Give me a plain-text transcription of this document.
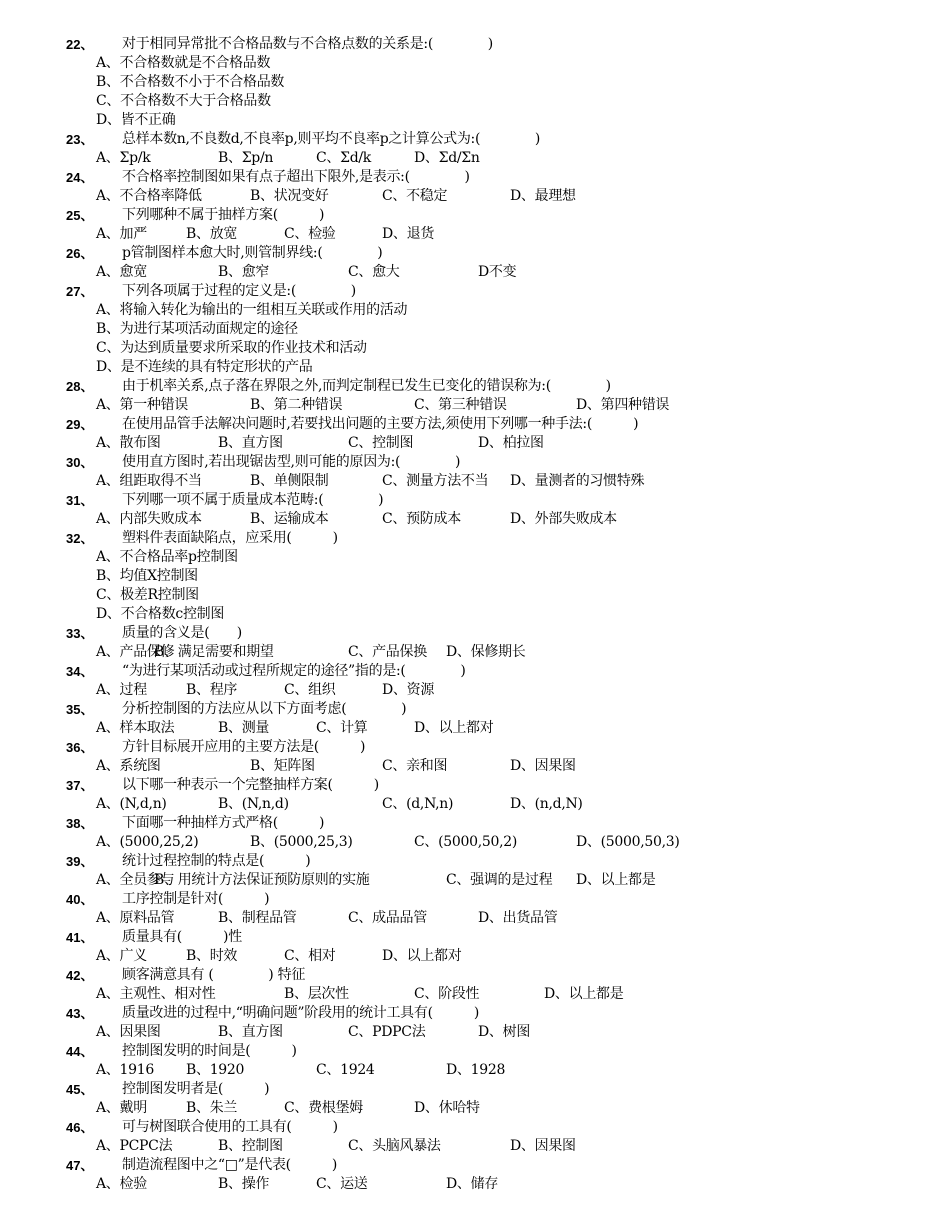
22、 对于相同异常批不合格品数与不合格点数的关系是:(　　　　)
A、不合格数就是不合格品数
B、不合格数不小于不合格品数
C、不合格数不大于合格品数
D、皆不正确
23、 总样本数n,不良数d,不良率p,则平均不良率p之计算公式为:(　　　　)
A、Σp/k	B、Σp/n	C、Σd/k	D、Σd/Σn
24、 不合格率控制图如果有点子超出下限外,是表示:(　　　　)
A、不合格率降低	B、状况变好	C、不稳定	D、最理想
25、 下列哪种不属于抽样方案(　　　)
A、加严	B、放宽	C、检验	D、退货
26、 p管制图样本愈大时,则管制界线:(　　　　)
A、愈宽	B、愈窄	C、愈大	D不变
27、 下列各项属于过程的定义是:(　　　　)
A、将输入转化为输出的一组相互关联或作用的活动
B、为进行某项活动面规定的途径
C、为达到质量要求所采取的作业技术和活动
D、是不连续的具有特定形状的产品
28、 由于机率关系,点子落在界限之外,而判定制程已发生已变化的错误称为:(　　　　)
A、第一种错误	B、第二种错误	C、第三种错误	D、第四种错误
29、 在使用品管手法解决问题时,若要找出问题的主要方法,须使用下列哪一种手法:(　　　)
A、散布图	B、直方图	C、控制图	D、柏拉图
30、 使用直方图时,若出现锯齿型,则可能的原因为:(　　　　)
A、组距取得不当	B、单侧限制	C、测量方法不当 D、量测者的习惯特殊
31、 下列哪一项不属于质量成本范畴:(　　　　)
A、内部失败成本	B、运输成本	C、预防成本	D、外部失败成本
32、 塑料件表面缺陷点，应采用(　　　)
A、不合格品率p控制图
B、均值X控制图
C、极差R控制图
D、不合格数c控制图
33、 质量的含义是(　　)
A、产品保修
B、满足需要和期望	C、产品保换 D、保修期长
34、 “为进行某项活动或过程所规定的途径”指的是:(　　　　)
A、过程	B、程序	C、组织	D、资源
35、 分析控制图的方法应从以下方面考虑(　　　　)
A、样本取法	B、测量	C、计算	D、以上都对
36、 方针目标展开应用的主要方法是(　　　)
A、系统图	B、矩阵图	C、亲和图	D、因果图
37、 以下哪一种表示一个完整抽样方案(　　　)
A、(N,d,n)	B、(N,n,d)	C、(d,N,n)	D、(n,d,N)
38、 下面哪一种抽样方式严格(　　　)
A、(5000,25,2)	B、(5000,25,3)	C、(5000,50,2)	D、(5000,50,3)
39、 统计过程控制的特点是(　　　)
A、全员参与
B、用统计方法保证预防原则的实施	C、强调的是过程 D、以上都是
40、 工序控制是针对(　　　)
A、原料品管	B、制程品管	C、成品品管	D、出货品管
41、 质量具有(　　　)性
A、广义	B、时效	C、相对	D、以上都对
42、 顾客满意具有 (　　　　) 特征
A、主观性、相对性	B、层次性	C、阶段性	D、以上都是
43、 质量改进的过程中,“明确问题”阶段用的统计工具有(　　　)
A、因果图	B、直方图	C、PDPC法	D、树图
44、 控制图发明的时间是(　　　)
A、1916 B、1920	C、1924	D、1928
45、 控制图发明者是(　　　)
A、戴明	B、朱兰	C、费根堡姆	D、休哈特
46、 可与树图联合使用的工具有(　　　)
A、PCPC法	B、控制图	C、头脑风暴法	D、因果图
47、 制造流程图中之“□”是代表(　　　)
A、检验	B、操作	C、运送	D、储存
